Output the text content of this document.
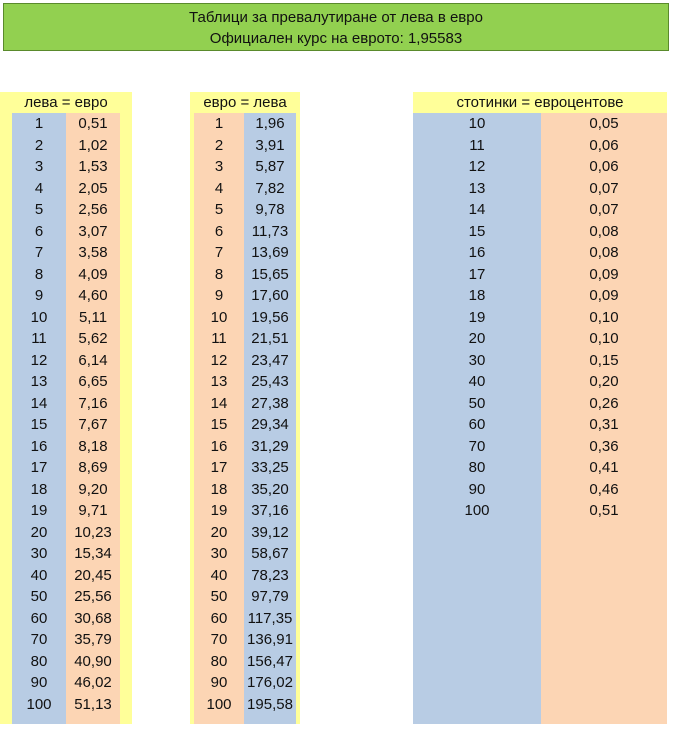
Таблици за превалутиране от лева в евро
Официален курс на еврото: 1,95583
лева = евро
1
2
3
4
5
6
7
8
9
10
11
12
13
14
15
16
17
18
19
20
30
40
50
60
70
80
90
100
0,51
1,02
1,53
2,05
2,56
3,07
3,58
4,09
4,60
5,11
5,62
6,14
6,65
7,16
7,67
8,18
8,69
9,20
9,71
10,23
15,34
20,45
25,56
30,68
35,79
40,90
46,02
51,13
евро = лева
1
2
3
4
5
6
7
8
9
10
11
12
13
14
15
16
17
18
19
20
30
40
50
60
70
80
90
100
1,96
3,91
5,87
7,82
9,78
11,73
13,69
15,65
17,60
19,56
21,51
23,47
25,43
27,38
29,34
31,29
33,25
35,20
37,16
39,12
58,67
78,23
97,79
117,35
136,91
156,47
176,02
195,58
стотинки = евроцентове
10
11
12
13
14
15
16
17
18
19
20
30
40
50
60
70
80
90
100
0,05
0,06
0,06
0,07
0,07
0,08
0,08
0,09
0,09
0,10
0,10
0,15
0,20
0,26
0,31
0,36
0,41
0,46
0,51
